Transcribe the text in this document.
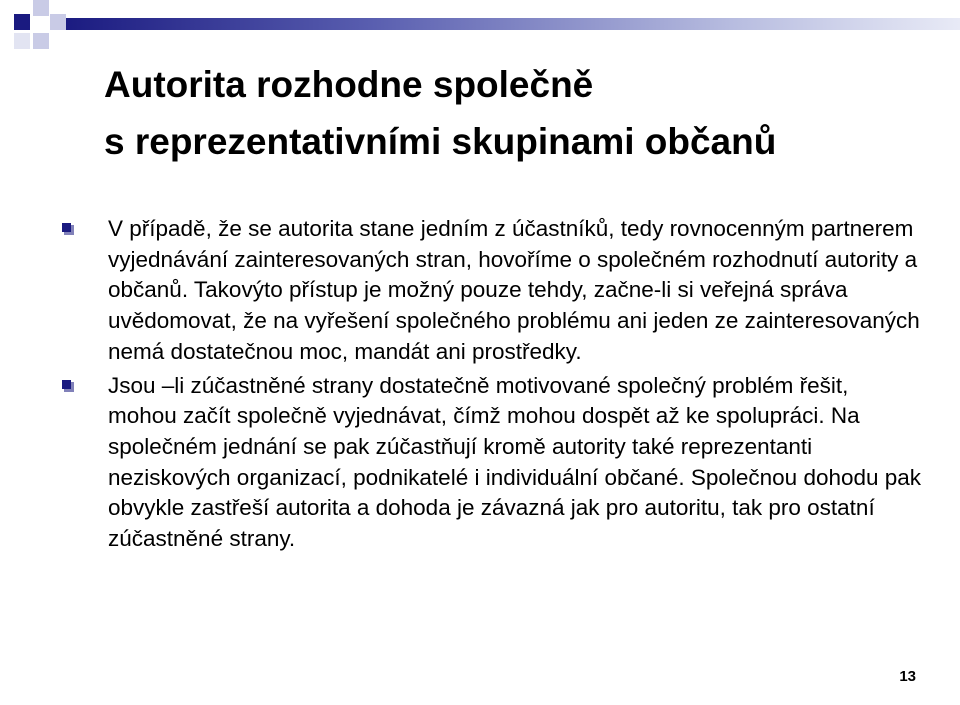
Autorita rozhodne společně
s reprezentativními skupinami občanů
V případě, že se autorita stane jedním z účastníků, tedy rovnocenným partnerem vyjednávání zainteresovaných stran, hovoříme o společném rozhodnutí autority a občanů. Takovýto přístup je možný pouze tehdy, začne-li si veřejná správa uvědomovat, že na vyřešení společného problému ani jeden ze zainteresovaných nemá dostatečnou moc, mandát ani prostředky.
Jsou –li zúčastněné strany dostatečně motivované společný problém řešit, mohou začít společně vyjednávat, čímž mohou dospět až ke spolupráci. Na společném jednání se pak zúčastňují kromě autority také reprezentanti neziskových organizací, podnikatelé i individuální občané. Společnou dohodu pak obvykle zastřeší autorita a dohoda je závazná jak pro autoritu, tak pro ostatní zúčastněné strany.
13
